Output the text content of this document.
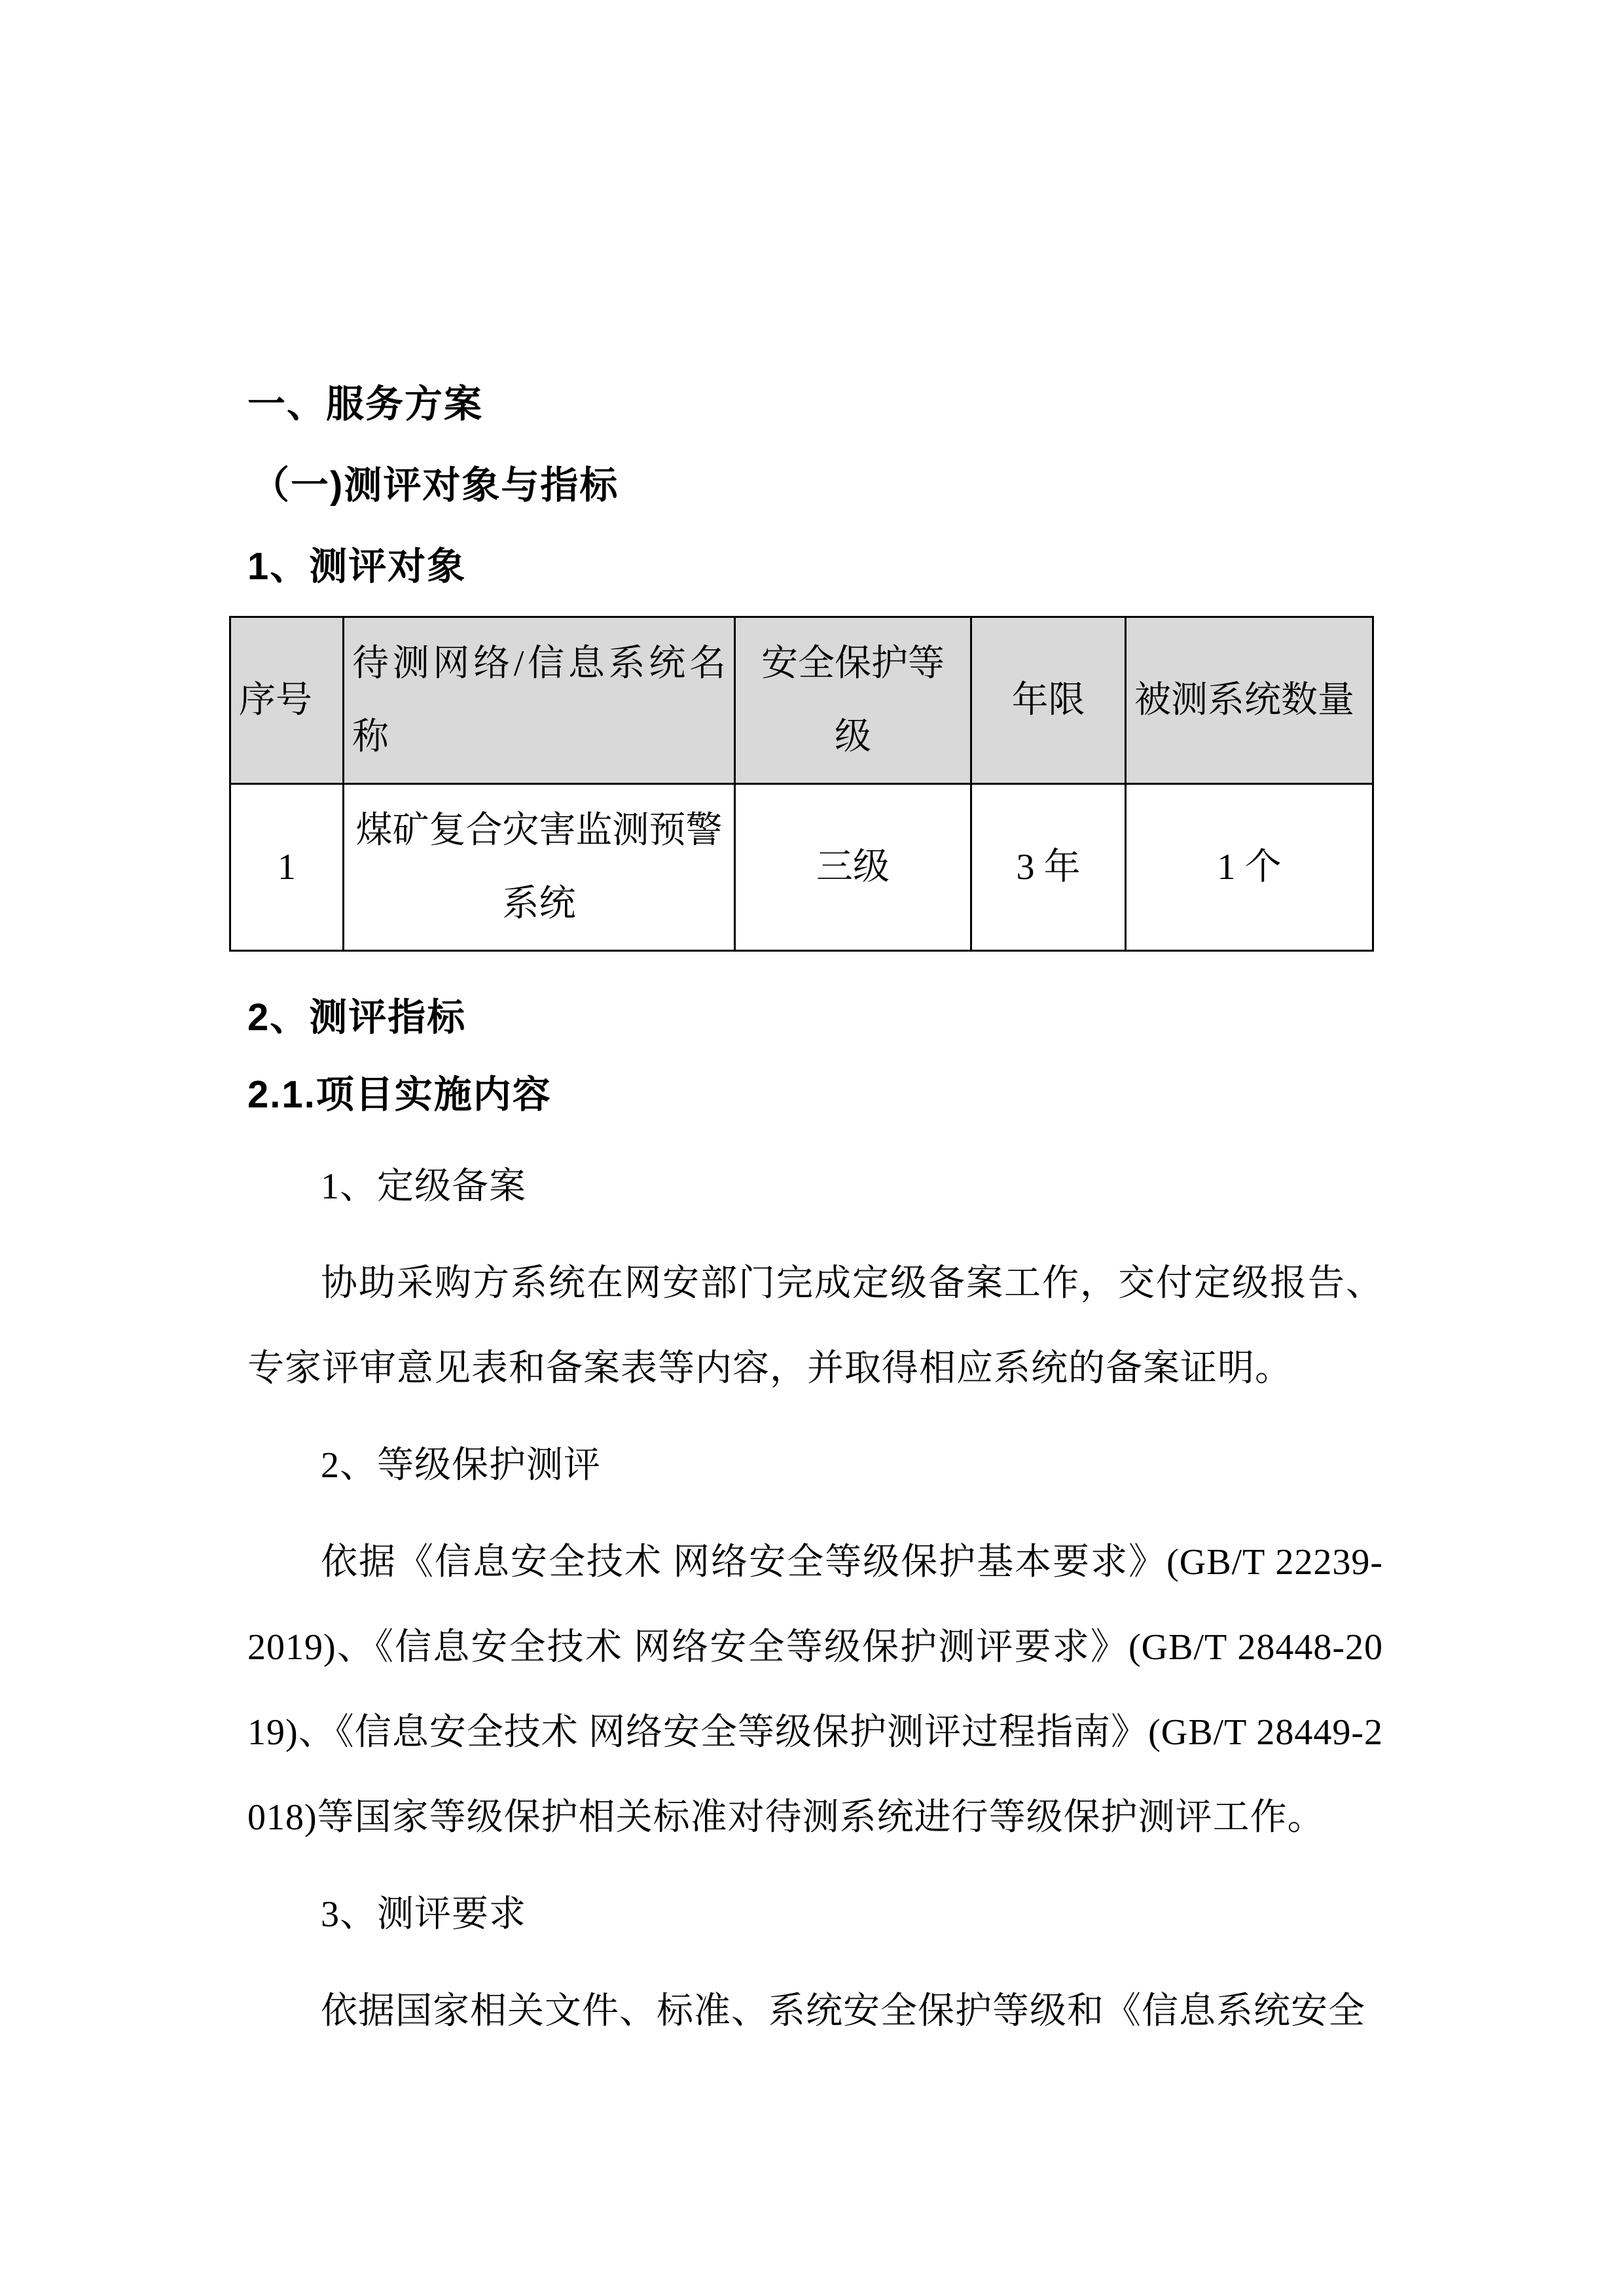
一、服务方案
（一)测评对象与指标
1、测评对象
序号	待测网络/信息系统名称	安全保护等级	年限	被测系统数量
1	煤矿复合灾害监测预警系统	三级	3 年	1 个
2、测评指标
2.1.项目实施内容

1、定级备案

协助采购方系统在网安部门完成定级备案工作，交付定级报告、专家评审意见表和备案表等内容，并取得相应系统的备案证明。

2、等级保护测评

依据《信息安全技术 网络安全等级保护基本要求》(GB/T 22239-2019)、《信息安全技术 网络安全等级保护测评要求》(GB/T 28448-2019)、《信息安全技术 网络安全等级保护测评过程指南》(GB/T 28449-2018)等国家等级保护相关标准对待测系统进行等级保护测评工作。

3、测评要求

依据国家相关文件、标准、系统安全保护等级和《信息系统安全
